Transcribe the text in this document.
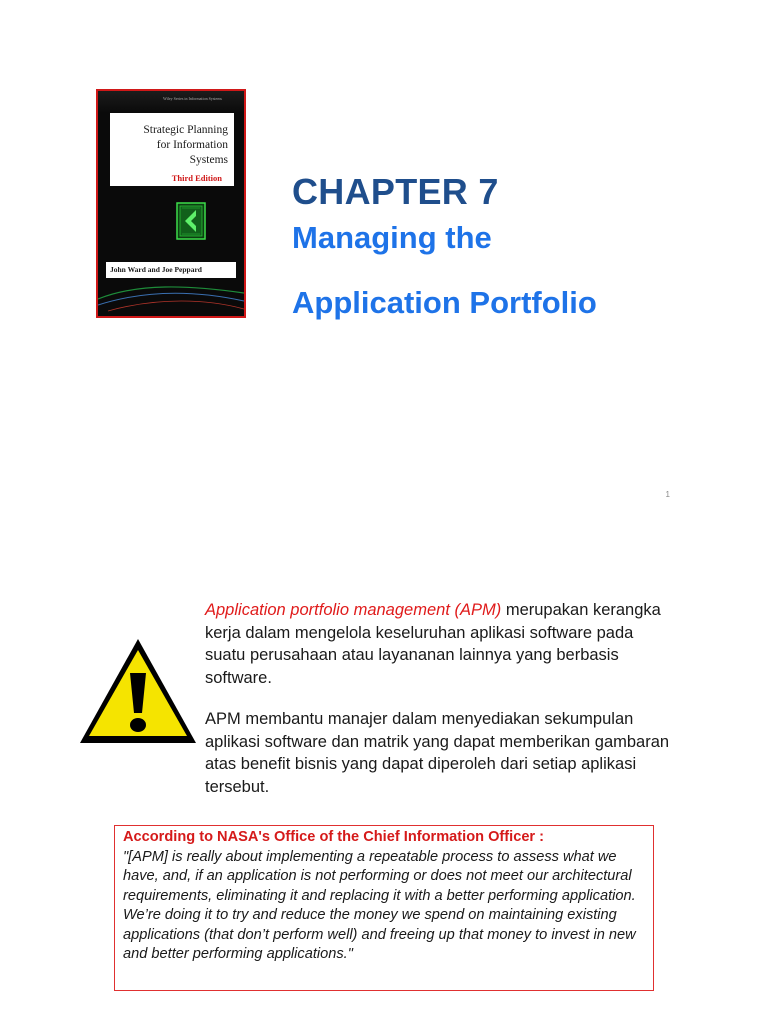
Wiley Series in Information Systems
Strategic Planning
for Information
Systems
Third Edition
John Ward and Joe Peppard
CHAPTER 7
Managing the
Application Portfolio
1
Application portfolio management (APM) merupakan kerangka kerja dalam mengelola keseluruhan aplikasi software pada suatu perusahaan atau layananan lainnya yang berbasis software.
APM membantu manajer dalam menyediakan sekumpulan aplikasi software dan matrik yang dapat memberikan gambaran atas benefit bisnis yang dapat diperoleh dari setiap aplikasi tersebut.
According to NASA's Office of the Chief Information Officer :
"[APM] is really about implementing a repeatable process to assess what we have, and, if an application is not performing or does not meet our architectural requirements, eliminating it and replacing it with a better performing application. We’re doing it to try and reduce the money we spend on maintaining existing applications (that don’t perform well) and freeing up that money to invest in new and better performing applications."
